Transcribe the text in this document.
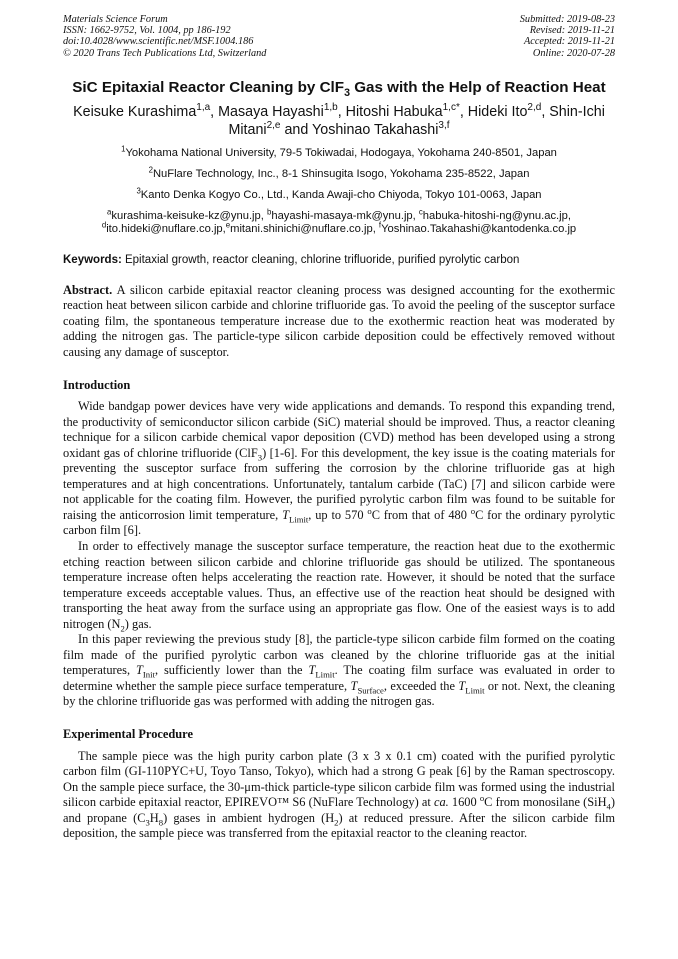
Materials Science Forum
ISSN: 1662-9752, Vol. 1004, pp 186-192
doi:10.4028/www.scientific.net/MSF.1004.186
© 2020 Trans Tech Publications Ltd, Switzerland
Submitted: 2019-08-23
Revised: 2019-11-21
Accepted: 2019-11-21
Online: 2020-07-28
SiC Epitaxial Reactor Cleaning by ClF$_3$ Gas with the Help of Reaction Heat
Keisuke Kurashima$^{1,a}$, Masaya Hayashi$^{1,b}$, Hitoshi Habuka$^{1,c*}$, Hideki Ito$^{2,d}$, Shin-Ichi Mitani$^{2,e}$ and Yoshinao Takahashi$^{3,f}$
$^1$Yokohama National University, 79-5 Tokiwadai, Hodogaya, Yokohama 240-8501, Japan
$^2$NuFlare Technology, Inc., 8-1 Shinsugita Isogo, Yokohama 235-8522, Japan
$^3$Kanto Denka Kogyo Co., Ltd., Kanda Awaji-cho Chiyoda, Tokyo 101-0063, Japan
$^a$kurashima-keisuke-kz@ynu.jp, $^b$hayashi-masaya-mk@ynu.jp, $^c$habuka-hitoshi-ng@ynu.ac.jp, $^d$ito.hideki@nuflare.co.jp,$^e$mitani.shinichi@nuflare.co.jp, $^f$Yoshinao.Takahashi@kantodenka.co.jp
Keywords: Epitaxial growth, reactor cleaning, chlorine trifluoride, purified pyrolytic carbon
Abstract. A silicon carbide epitaxial reactor cleaning process was designed accounting for the exothermic reaction heat between silicon carbide and chlorine trifluoride gas. To avoid the peeling of the susceptor surface coating film, the spontaneous temperature increase due to the exothermic reaction heat was moderated by adding the nitrogen gas. The particle-type silicon carbide deposition could be effectively removed without causing any damage of susceptor.
Introduction

Wide bandgap power devices have very wide applications and demands. To respond this expanding trend, the productivity of semiconductor silicon carbide (SiC) material should be improved. Thus, a reactor cleaning technique for a silicon carbide chemical vapor deposition (CVD) method has been developed using a strong oxidant gas of chlorine trifluoride (ClF$_3$) [1-6]. For this development, the key issue is the coating materials for preventing the susceptor surface from suffering the corrosion by the chlorine trifluoride gas at high temperatures and at high concentrations. Unfortunately, tantalum carbide (TaC) [7] and silicon carbide were not applicable for the coating film. However, the purified pyrolytic carbon film was found to be suitable for raising the anticorrosion limit temperature, $T_{Limit}$, up to 570 $^o$C from that of 480 $^o$C for the ordinary pyrolytic carbon film [6].

In order to effectively manage the susceptor surface temperature, the reaction heat due to the exothermic etching reaction between silicon carbide and chlorine trifluoride gas should be utilized. The spontaneous temperature increase often helps accelerating the reaction rate. However, it should be noted that the surface temperature exceeds acceptable values. Thus, an effective use of the reaction heat should be designed with transporting the heat away from the surface using an appropriate gas flow. One of the easiest ways is to add nitrogen $(N_2)$ gas.

In this paper reviewing the previous study [8], the particle-type silicon carbide film formed on the coating film made of the purified pyrolytic carbon was cleaned by the chlorine trifluoride gas at the initial temperatures, $T_{Init}$, sufficiently lower than the $T_{Limit}$. The coating film surface was evaluated in order to determine whether the sample piece surface temperature, $T_{Surface}$, exceeded the $T_{Limit}$ or not. Next, the cleaning by the chlorine trifluoride gas was performed with adding the nitrogen gas.

Experimental Procedure

The sample piece was the high purity carbon plate (3 x 3 x 0.1 cm) coated with the purified pyrolytic carbon film (GI-110PYC+U, Toyo Tanso, Tokyo), which had a strong G peak [6] by the Raman spectroscopy. On the sample piece surface, the 30-μm-thick particle-type silicon carbide film was formed using the industrial silicon carbide epitaxial reactor, EPIREVO™ S6 (NuFlare Technology) at ca. 1600 $^o$C from monosilane (SiH$_4$) and propane $(C_3H_8)$ gases in ambient hydrogen $(H_2)$ at reduced pressure. After the silicon carbide film deposition, the sample piece was transferred from the epitaxial reactor to the cleaning reactor.
